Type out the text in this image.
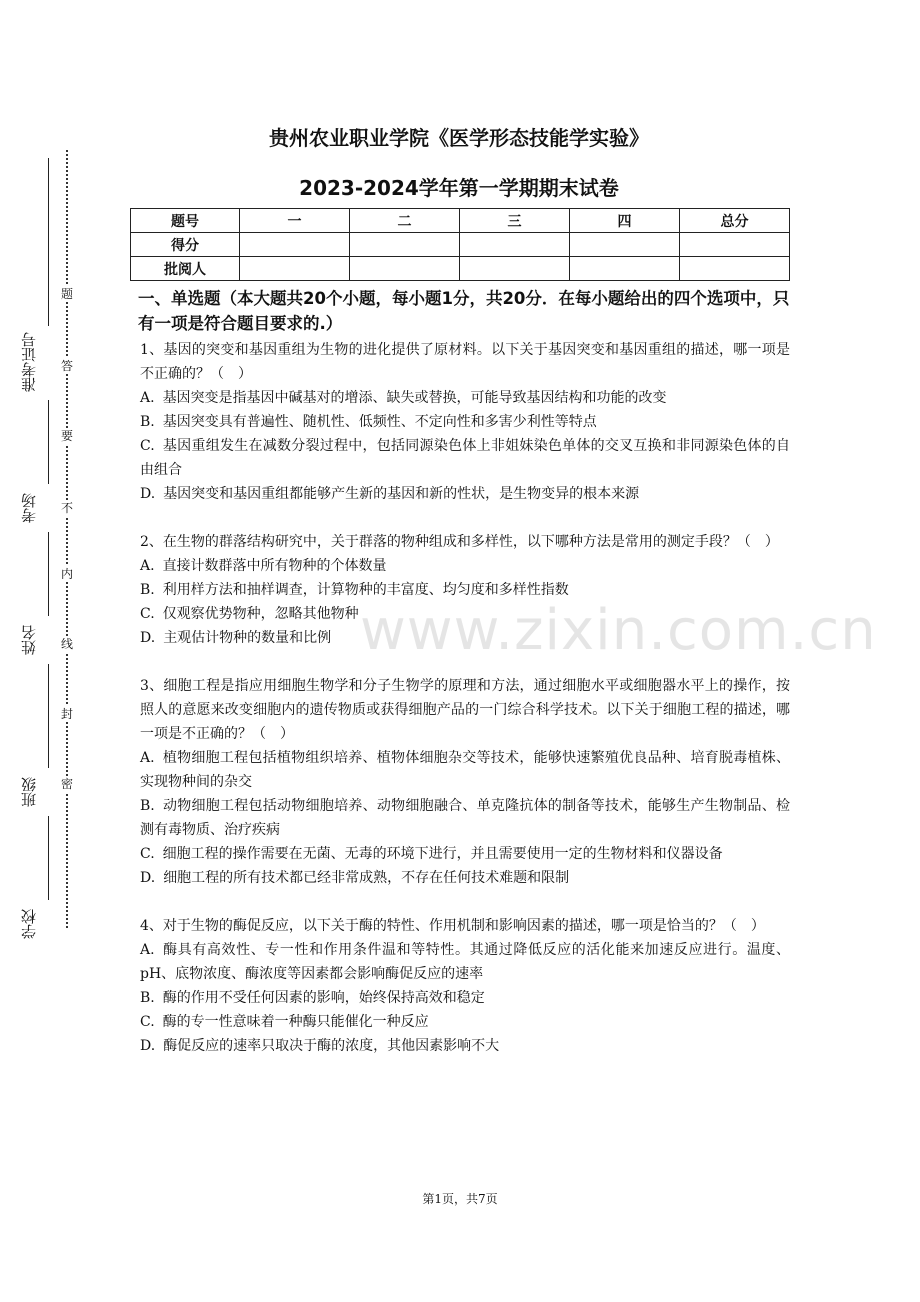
题
答
要
不
内
线
封
密
准考证号
考场
姓名
班级
学校
贵州农业职业学院《医学形态技能学实验》
2023-2024学年第一学期期末试卷
题号	一	二	三	四	总分
得分					
批阅人					
一、单选题（本大题共20个小题，每小题1分，共20分．在每小题给出的四个选项中，只有一项是符合题目要求的.）

1、基因的突变和基因重组为生物的进化提供了原材料。以下关于基因突变和基因重组的描述，哪一项是不正确的？（　）

A. 基因突变是指基因中碱基对的增添、缺失或替换，可能导致基因结构和功能的改变

B. 基因突变具有普遍性、随机性、低频性、不定向性和多害少利性等特点

C. 基因重组发生在减数分裂过程中，包括同源染色体上非姐妹染色单体的交叉互换和非同源染色体的自由组合

D. 基因突变和基因重组都能够产生新的基因和新的性状，是生物变异的根本来源

2、在生物的群落结构研究中，关于群落的物种组成和多样性，以下哪种方法是常用的测定手段？（　）

A. 直接计数群落中所有物种的个体数量

B. 利用样方法和抽样调查，计算物种的丰富度、均匀度和多样性指数

C. 仅观察优势物种，忽略其他物种

D. 主观估计物种的数量和比例

3、细胞工程是指应用细胞生物学和分子生物学的原理和方法，通过细胞水平或细胞器水平上的操作，按照人的意愿来改变细胞内的遗传物质或获得细胞产品的一门综合科学技术。以下关于细胞工程的描述，哪一项是不正确的？（　）

A. 植物细胞工程包括植物组织培养、植物体细胞杂交等技术，能够快速繁殖优良品种、培育脱毒植株、实现物种间的杂交

B. 动物细胞工程包括动物细胞培养、动物细胞融合、单克隆抗体的制备等技术，能够生产生物制品、检测有毒物质、治疗疾病

C. 细胞工程的操作需要在无菌、无毒的环境下进行，并且需要使用一定的生物材料和仪器设备

D. 细胞工程的所有技术都已经非常成熟，不存在任何技术难题和限制

4、对于生物的酶促反应，以下关于酶的特性、作用机制和影响因素的描述，哪一项是恰当的？（　）

A. 酶具有高效性、专一性和作用条件温和等特性。其通过降低反应的活化能来加速反应进行。温度、pH、底物浓度、酶浓度等因素都会影响酶促反应的速率

B. 酶的作用不受任何因素的影响，始终保持高效和稳定

C. 酶的专一性意味着一种酶只能催化一种反应

D. 酶促反应的速率只取决于酶的浓度，其他因素影响不大

www.zixin.com.cn
第1页，共7页
